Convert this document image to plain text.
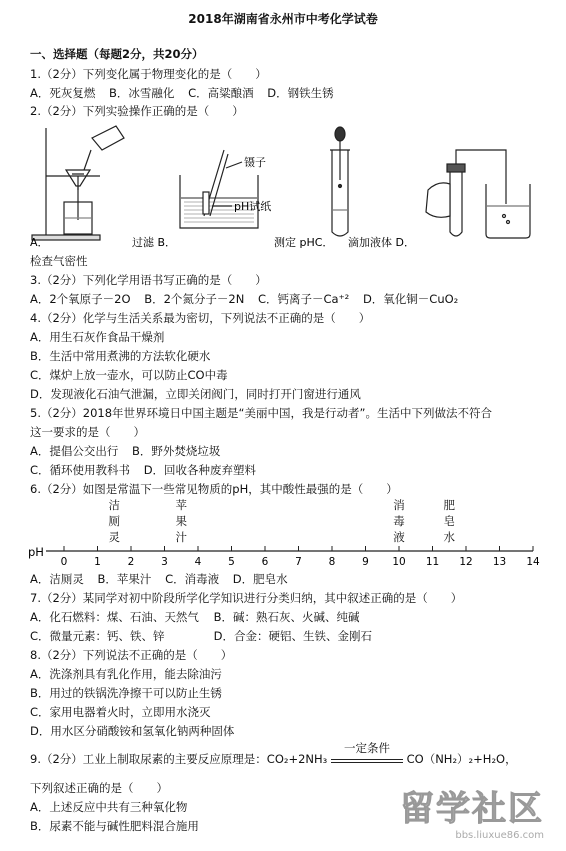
2018年湖南省永州市中考化学试卷
一、选择题（每题2分，共20分）
1.（2分）下列变化属于物理变化的是（　　）
A．死灰复燃 B．冰雪融化 C．高粱酿酒 D．钢铁生锈
2.（2分）下列实验操作正确的是（　　）
镊子
pH试纸
A．	过滤 B．	测定 pHC． 滴加液体 D．
检查气密性
3.（2分）下列化学用语书写正确的是（　　）
A．2个氧原子－2O B．2个氮分子－2N C．钙离子－Ca⁺² D．氧化铜－CuO₂
4.（2分）化学与生活关系最为密切，下列说法不正确的是（　　）
A．用生石灰作食品干燥剂
B．生活中常用煮沸的方法软化硬水
C．煤炉上放一壶水，可以防止CO中毒
D．发现液化石油气泄漏，立即关闭阀门，同时打开门窗进行通风
5.（2分）2018年世界环境日中国主题是“美丽中国，我是行动者”。生活中下列做法不符合
这一要求的是（　　）
A．提倡公交出行 B．野外焚烧垃圾
C．循环使用教科书 D．回收各种废弃塑料
6.（2分）如图是常温下一些常见物质的pH，其中酸性最强的是（　　）
洁
厕
灵
苹
果
汁
消
毒
液
肥
皂
水
pH
0	1	2	3	4	5	6	7	8	9 10 11 12 13 14
A．洁厕灵 B．苹果汁 C．消毒液 D．肥皂水
7.（2分）某同学对初中阶段所学化学知识进行分类归纳，其中叙述正确的是（　　）
A．化石燃料：煤、石油、天然气 B．碱：熟石灰、火碱、纯碱
C．微量元素：钙、铁、锌	D．合金：硬铝、生铁、金刚石
8.（2分）下列说法不正确的是（　　）
A．洗涤剂具有乳化作用，能去除油污
B．用过的铁锅洗净擦干可以防止生锈
C．家用电器着火时，立即用水浇灭
D．用水区分硝酸铵和氢氧化钠两种固体
9.（2分）工业上制取尿素的主要反应原理是：CO₂+2NH₃
一定条件
CO（NH₂）₂+H₂O，
下列叙述正确的是（　　）
A．上述反应中共有三种氧化物
B．尿素不能与碱性肥料混合施用	留学社区
bbs.liuxue86.com
